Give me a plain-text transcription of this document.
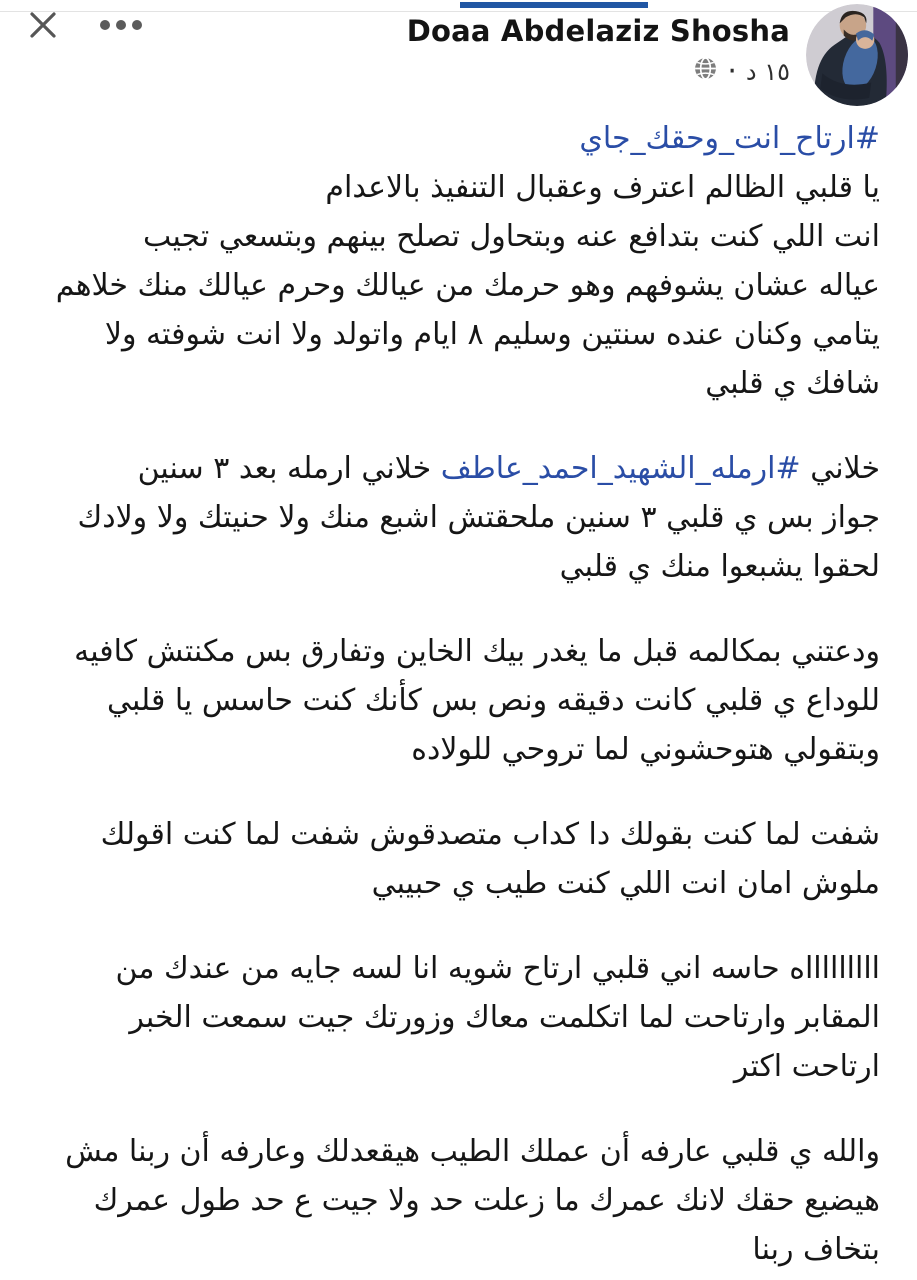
Doaa Abdelaziz Shosha
١٥ د
·
#ارتاح_انت_وحقك_جاي
يا قلبي الظالم اعترف وعقبال التنفيذ بالاعدام
انت اللي كنت بتدافع عنه وبتحاول تصلح بينهم وبتسعي تجيب
عياله عشان يشوفهم وهو حرمك من عيالك وحرم عيالك منك خلاهم
يتامي وكنان عنده سنتين وسليم ٨ ايام واتولد ولا انت شوفته ولا
شافك ي قلبي
خلاني #ارمله_الشهيد_احمد_عاطف خلاني ارمله بعد ٣ سنين
جواز بس ي قلبي ٣ سنين ملحقتش اشبع منك ولا حنيتك ولا ولادك
لحقوا يشبعوا منك ي قلبي
ودعتني بمكالمه قبل ما يغدر بيك الخاين وتفارق بس مكنتش كافيه
للوداع ي قلبي كانت دقيقه ونص بس كأنك كنت حاسس يا قلبي
وبتقولي هتوحشوني لما تروحي للولاده
شفت لما كنت بقولك دا كداب متصدقوش شفت لما كنت اقولك
ملوش امان انت اللي كنت طيب ي حبيبي
اااااااااه حاسه اني قلبي ارتاح شويه انا لسه جايه من عندك من
المقابر وارتاحت لما اتكلمت معاك وزورتك جيت سمعت الخبر
ارتاحت اكتر
والله ي قلبي عارفه أن عملك الطيب هيقعدلك وعارفه أن ربنا مش
هيضيع حقك لانك عمرك ما زعلت حد ولا جيت ع حد طول عمرك
بتخاف ربنا
